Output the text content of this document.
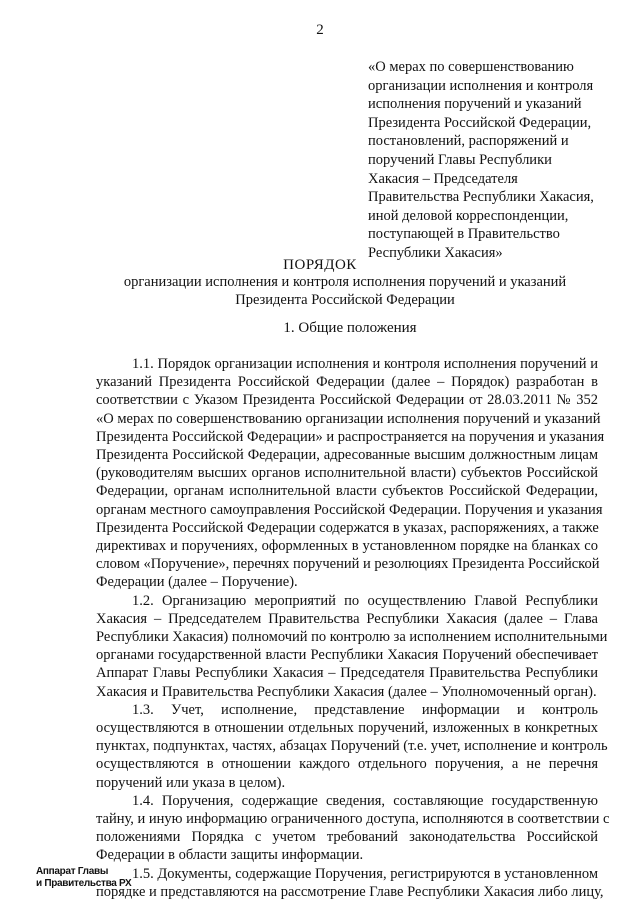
2
«О мерах по совершенствованию
организации исполнения и контроля
исполнения поручений и указаний
Президента Российской Федерации,
постановлений, распоряжений и
поручений Главы Республики
Хакасия – Председателя
Правительства Республики Хакасия,
иной деловой корреспонденции,
поступающей в Правительство
Республики Хакасия»
ПОРЯДОК
организации исполнения и контроля исполнения поручений и указаний
Президента Российской Федерации
1. Общие положения
1.1. Порядок организации исполнения и контроля исполнения поручений и
указаний Президента Российской Федерации (далее – Порядок) разработан в
соответствии с Указом Президента Российской Федерации от 28.03.2011 № 352
«О мерах по совершенствованию организации исполнения поручений и указаний
Президента Российской Федерации» и распространяется на поручения и указания
Президента Российской Федерации, адресованные высшим должностным лицам
(руководителям высших органов исполнительной власти) субъектов Российской
Федерации, органам исполнительной власти субъектов Российской Федерации,
органам местного самоуправления Российской Федерации. Поручения и указания
Президента Российской Федерации содержатся в указах, распоряжениях, а также
директивах и поручениях, оформленных в установленном порядке на бланках со
словом «Поручение», перечнях поручений и резолюциях Президента Российской
Федерации (далее – Поручение).
1.2. Организацию мероприятий по осуществлению Главой Республики
Хакасия – Председателем Правительства Республики Хакасия (далее – Глава
Республики Хакасия) полномочий по контролю за исполнением исполнительными
органами государственной власти Республики Хакасия Поручений обеспечивает
Аппарат Главы Республики Хакасия – Председателя Правительства Республики
Хакасия и Правительства Республики Хакасия (далее – Уполномоченный орган).
1.3. Учет, исполнение, представление информации и контроль
осуществляются в отношении отдельных поручений, изложенных в конкретных
пунктах, подпунктах, частях, абзацах Поручений (т.е. учет, исполнение и контроль
осуществляются в отношении каждого отдельного поручения, а не перечня
поручений или указа в целом).
1.4. Поручения, содержащие сведения, составляющие государственную
тайну, и иную информацию ограниченного доступа, исполняются в соответствии с
положениями Порядка с учетом требований законодательства Российской
Федерации в области защиты информации.
1.5. Документы, содержащие Поручения, регистрируются в установленном
порядке и представляются на рассмотрение Главе Республики Хакасия либо лицу,
Аппарат Главы
и Правительства РХ
